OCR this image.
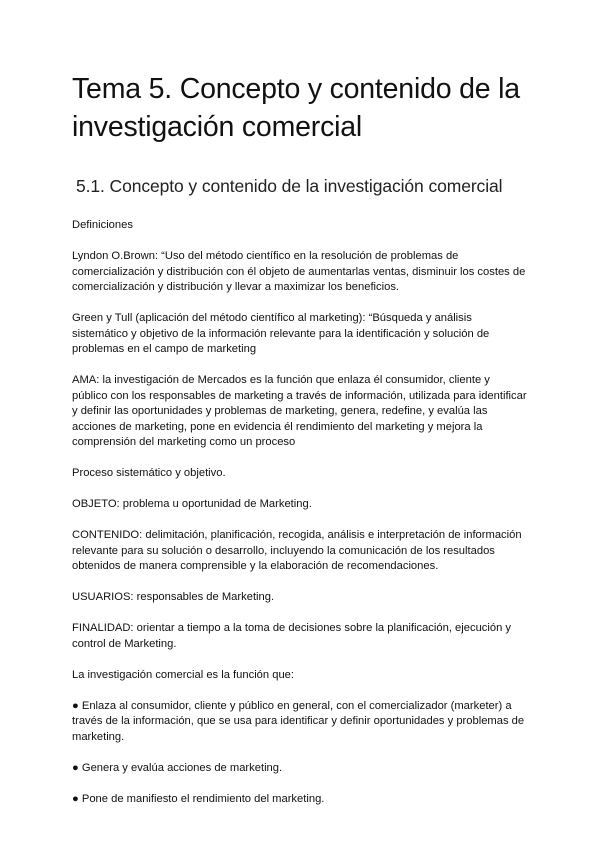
Tema 5. Concepto y contenido de la investigación comercial
5.1. Concepto y contenido de la investigación comercial

Definiciones

Lyndon O.Brown: “Uso del método científico en la resolución de problemas de comercialización y distribución con él objeto de aumentarlas ventas, disminuir los costes de comercialización y distribución y llevar a maximizar los beneficios.

Green y Tull (aplicación del método científico al marketing): “Búsqueda y análisis sistemático y objetivo de la información relevante para la identificación y solución de problemas en el campo de marketing

AMA: la investigación de Mercados es la función que enlaza él consumidor, cliente y público con los responsables de marketing a través de información, utilizada para identificar y definir las oportunidades y problemas de marketing, genera, redefine, y evalúa las acciones de marketing, pone en evidencia él rendimiento del marketing y mejora la comprensión del marketing como un proceso

Proceso sistemático y objetivo.

OBJETO: problema u oportunidad de Marketing.

CONTENIDO: delimitación, planificación, recogida, análisis e interpretación de información relevante para su solución o desarrollo, incluyendo la comunicación de los resultados obtenidos de manera comprensible y la elaboración de recomendaciones.

USUARIOS: responsables de Marketing.

FINALIDAD: orientar a tiempo a la toma de decisiones sobre la planificación, ejecución y control de Marketing.

La investigación comercial es la función que:

● Enlaza al consumidor, cliente y público en general, con el comercializador (marketer) a través de la información, que se usa para identificar y definir oportunidades y problemas de marketing.

● Genera y evalúa acciones de marketing.

● Pone de manifiesto el rendimiento del marketing.
